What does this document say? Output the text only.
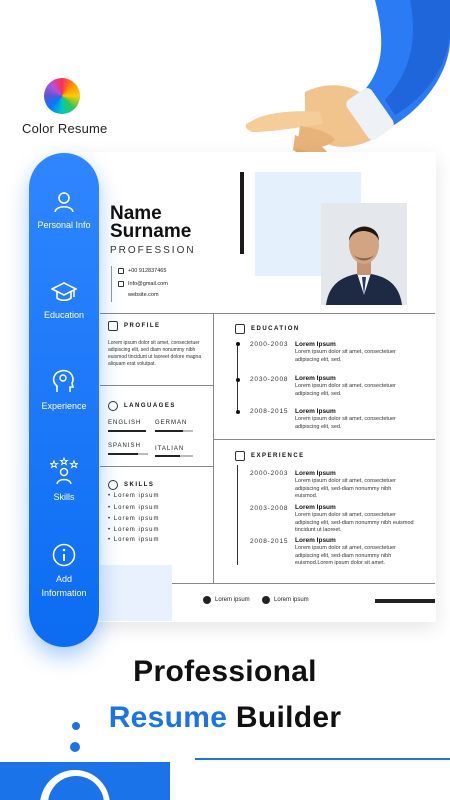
Color Resume
Name
Surname
PROFESSION
+00 912837465
Info@gmail.com
website.com
PROFILE
Lorem ipsum dolor sit amet, consectetuer adipiscing elit, sed diam nonummy nibh euismod tincidunt ut laoreet dolore magna aliquam erat volutpat.
LANGUAGES
ENGLISH GERMAN
SPANISH ITALIAN
SKILLS
• Lorem ipsum
• Lorem ipsum
• Lorem ipsum
• Lorem ipsum
• Lorem ipsum
EDUCATION
2000-2003 Lorem Ipsum
Lorem ipsum dolor sit amet, consectetuer adipiscing elit, sed.
2030-2008 Lorem Ipsum
Lorem ipsum dolor sit amet, consectetuer adipiscing elit, sed.
2008-2015 Lorem Ipsum
Lorem ipsum dolor sit amet, consectetuer adipiscing elit, sed.
EXPERIENCE
2000-2003 Lorem Ipsum
Lorem ipsum dolor sit amet, consectetuer adipiscing elit, sed-diam nonummy nibh euismod.
2003-2008 Lorem Ipsum
Lorem ipsum dolor sit amet, consectetuer adipiscing elit, sed-diam nonummy nibh euismod tincidunt ut laoreet.
2008-2015 Lorem Ipsum
Lorem ipsum dolor sit amet, consectetuer adipiscing elit, sed-diam nonummy nibh euismod.Lorem ipsum dolor sit amet.
Lorem ipsum	Lorem ipsum
Personal Info
Education
Experience
Skills
Add
Information
Professional
Resume Builder
